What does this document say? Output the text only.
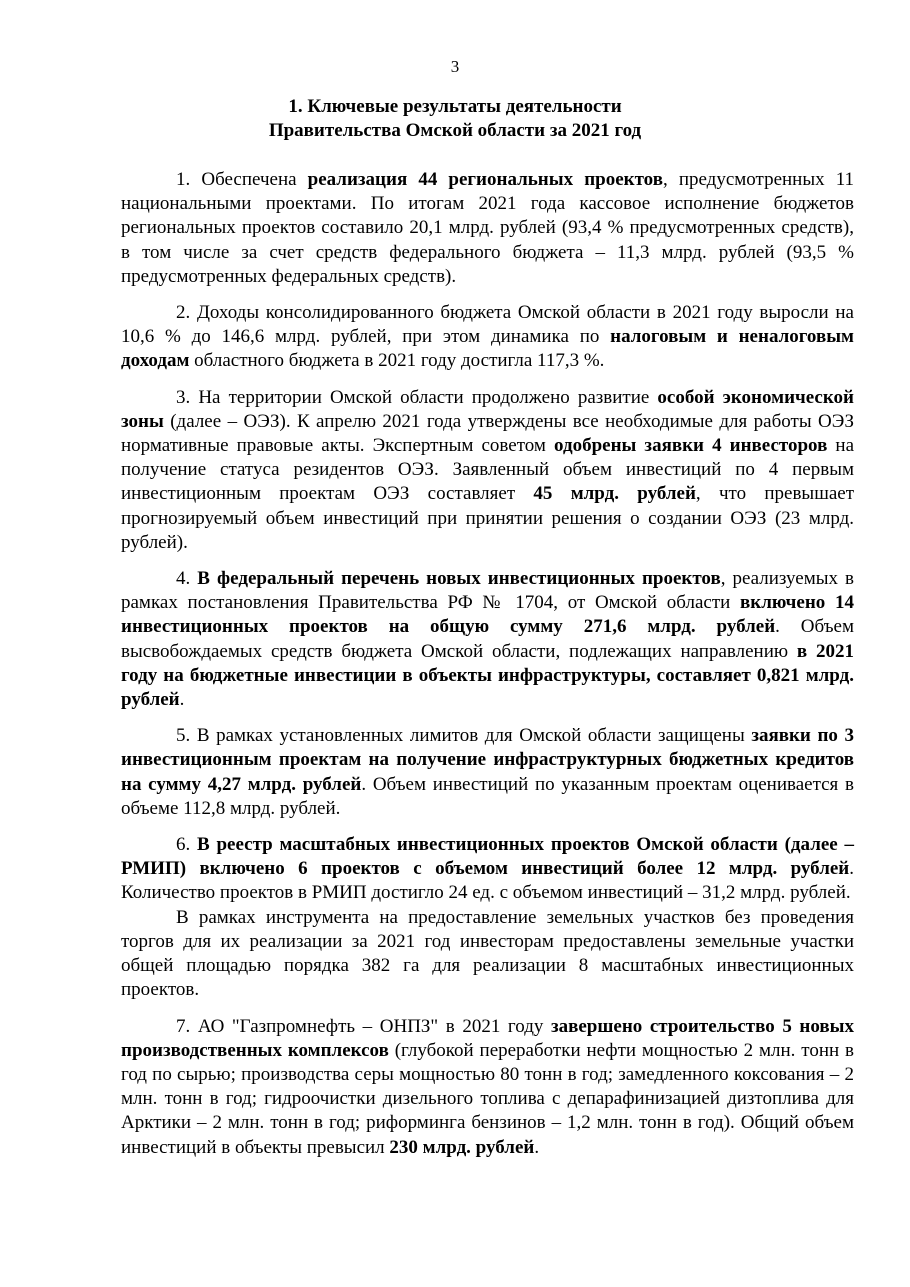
3
1. Ключевые результаты деятельности
Правительства Омской области за 2021 год

1. Обеспечена реализация 44 региональных проектов, предусмотренных 11 национальными проектами. По итогам 2021 года кассовое исполнение бюджетов региональных проектов составило 20,1 млрд. рублей (93,4 % предусмотренных средств), в том числе за счет средств федерального бюджета – 11,3 млрд. рублей (93,5 % предусмотренных федеральных средств).

2. Доходы консолидированного бюджета Омской области в 2021 году выросли на 10,6 % до 146,6 млрд. рублей, при этом динамика по налоговым и неналоговым доходам областного бюджета в 2021 году достигла 117,3 %.

3. На территории Омской области продолжено развитие особой экономической зоны (далее – ОЭЗ). К апрелю 2021 года утверждены все необходимые для работы ОЭЗ нормативные правовые акты. Экспертным советом одобрены заявки 4 инвесторов на получение статуса резидентов ОЭЗ. Заявленный объем инвестиций по 4 первым инвестиционным проектам ОЭЗ составляет 45 млрд. рублей, что превышает прогнозируемый объем инвестиций при принятии решения о создании ОЭЗ (23 млрд. рублей).

4. В федеральный перечень новых инвестиционных проектов, реализуемых в рамках постановления Правительства РФ № 1704, от Омской области включено 14 инвестиционных проектов на общую сумму 271,6 млрд. рублей. Объем высвобождаемых средств бюджета Омской области, подлежащих направлению в 2021 году на бюджетные инвестиции в объекты инфраструктуры, составляет 0,821 млрд. рублей.

5. В рамках установленных лимитов для Омской области защищены заявки по 3 инвестиционным проектам на получение инфраструктурных бюджетных кредитов на сумму 4,27 млрд. рублей. Объем инвестиций по указанным проектам оценивается в объеме 112,8 млрд. рублей.

6. В реестр масштабных инвестиционных проектов Омской области (далее – РМИП) включено 6 проектов с объемом инвестиций более 12 млрд. рублей. Количество проектов в РМИП достигло 24 ед. с объемом инвестиций – 31,2 млрд. рублей.

В рамках инструмента на предоставление земельных участков без проведения торгов для их реализации за 2021 год инвесторам предоставлены земельные участки общей площадью порядка 382 га для реализации 8 масштабных инвестиционных проектов.

7. АО "Газпромнефть – ОНПЗ" в 2021 году завершено строительство 5 новых производственных комплексов (глубокой переработки нефти мощностью 2 млн. тонн в год по сырью; производства серы мощностью 80 тонн в год; замедленного коксования – 2 млн. тонн в год; гидроочистки дизельного топлива с депарафинизацией дизтоплива для Арктики – 2 млн. тонн в год; риформинга бензинов – 1,2 млн. тонн в год). Общий объем инвестиций в объекты превысил 230 млрд. рублей.
